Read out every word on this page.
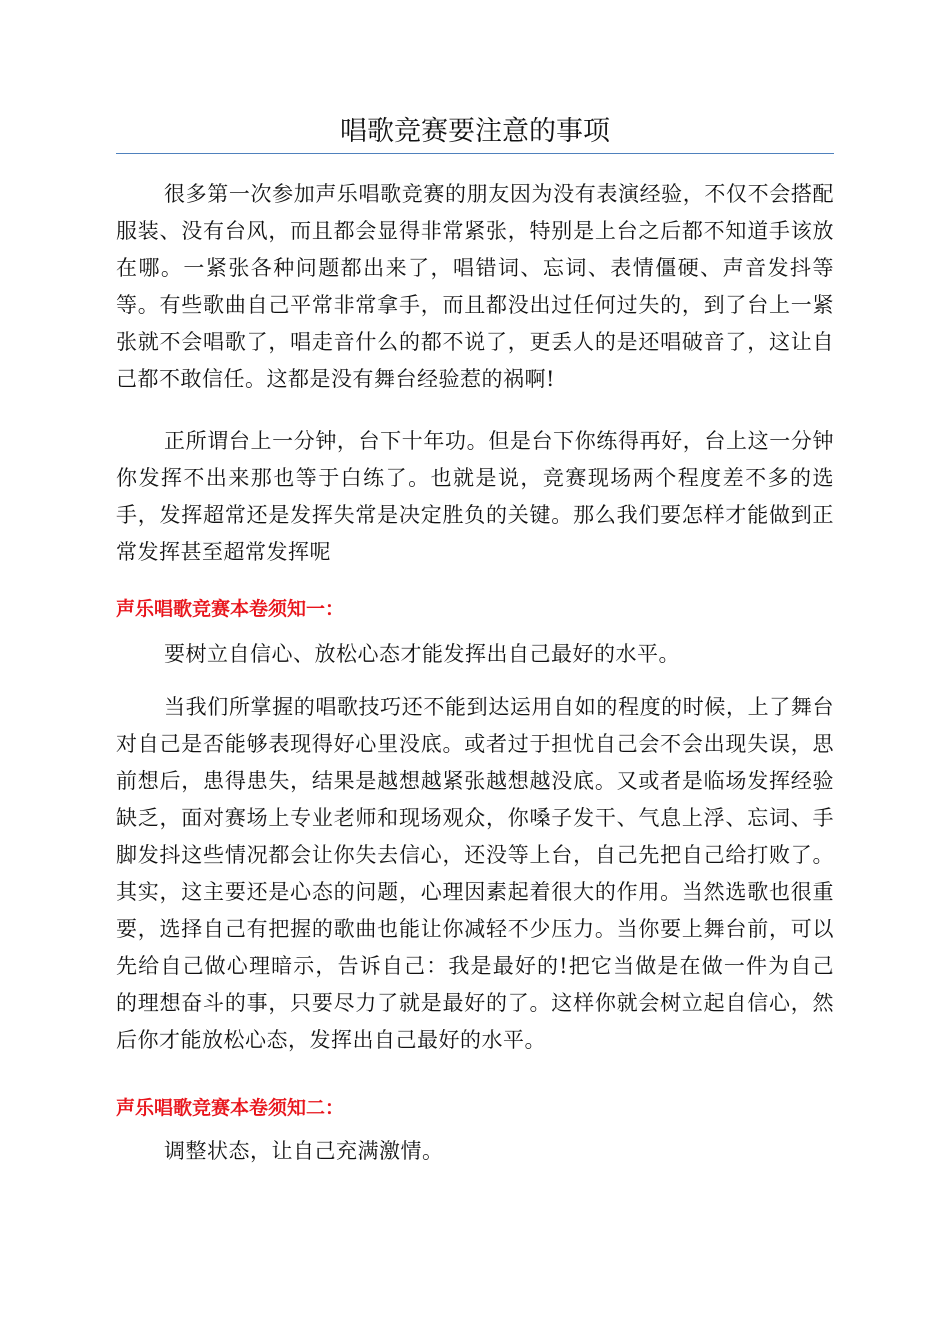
唱歌竞赛要注意的事项

很多第一次参加声乐唱歌竞赛的朋友因为没有表演经验，不仅不会搭配服装、没有台风，而且都会显得非常紧张，特别是上台之后都不知道手该放在哪。一紧张各种问题都出来了，唱错词、忘词、表情僵硬、声音发抖等等。有些歌曲自己平常非常拿手，而且都没出过任何过失的，到了台上一紧张就不会唱歌了，唱走音什么的都不说了，更丢人的是还唱破音了，这让自己都不敢信任。这都是没有舞台经验惹的祸啊!

正所谓台上一分钟，台下十年功。但是台下你练得再好，台上这一分钟你发挥不出来那也等于白练了。也就是说，竞赛现场两个程度差不多的选手，发挥超常还是发挥失常是决定胜负的关键。那么我们要怎样才能做到正常发挥甚至超常发挥呢

声乐唱歌竞赛本卷须知一：

要树立自信心、放松心态才能发挥出自己最好的水平。

当我们所掌握的唱歌技巧还不能到达运用自如的程度的时候，上了舞台对自己是否能够表现得好心里没底。或者过于担忧自己会不会出现失误，思前想后，患得患失，结果是越想越紧张越想越没底。又或者是临场发挥经验缺乏，面对赛场上专业老师和现场观众，你嗓子发干、气息上浮、忘词、手脚发抖这些情况都会让你失去信心，还没等上台，自己先把自己给打败了。其实，这主要还是心态的问题，心理因素起着很大的作用。当然选歌也很重要，选择自己有把握的歌曲也能让你减轻不少压力。当你要上舞台前，可以先给自己做心理暗示，告诉自己：我是最好的!把它当做是在做一件为自己的理想奋斗的事，只要尽力了就是最好的了。这样你就会树立起自信心，然后你才能放松心态，发挥出自己最好的水平。

声乐唱歌竞赛本卷须知二：

调整状态，让自己充满激情。
